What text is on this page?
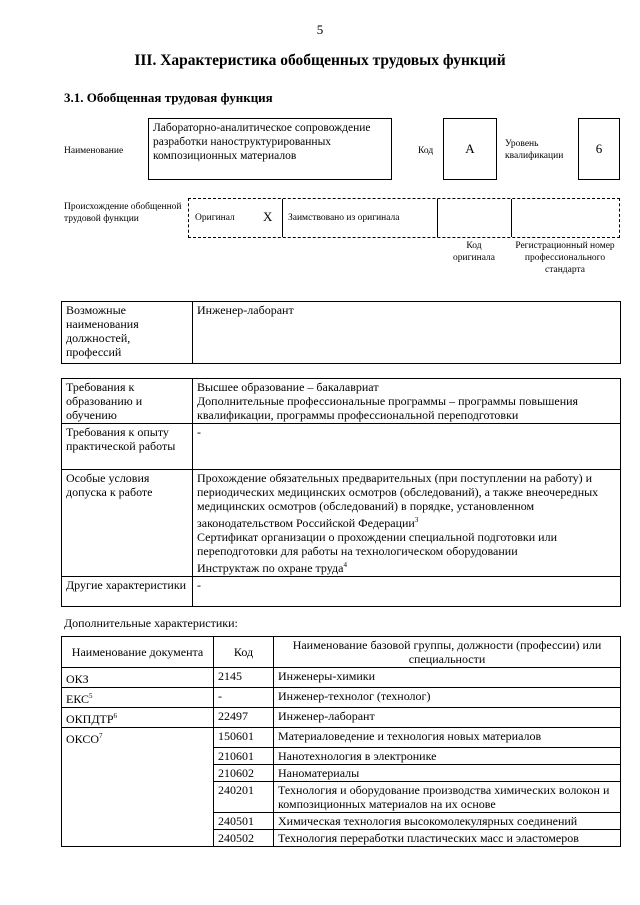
5
III. Характеристика обобщенных трудовых функций
3.1. Обобщенная трудовая функция
Наименование
Лабораторно-аналитическое сопровождение разработки наноструктурированных композиционных материалов	Код	А	Уровень квалификации	6
Происхождение обобщенной трудовой функции	Оригинал Х Заимствовано из оригинала
Код оригинала
Регистрационный номер профессионального стандарта
Возможные наименования должностей, профессий	Инженер-лаборант
Требования к образованию и обучению	Высшее образование – бакалавриат
Дополнительные профессиональные программы – программы повышения квалификации, программы профессиональной переподготовки

Требования к опыту практической работы	-
Особые условия допуска к работе	Прохождение обязательных предварительных (при поступлении на работу) и периодических медицинских осмотров (обследований), а также внеочередных медицинских осмотров (обследований) в порядке, установленном законодательством Российской Федерации$^3$
Сертификат организации о прохождении специальной подготовки или переподготовки для работы на технологическом оборудовании
Инструктаж по охране труда$^4$

Другие характеристики	-
Дополнительные характеристики:
Наименование документа	Код	Наименование базовой группы, должности (профессии) или специальности
ОКЗ	2145	Инженеры-химики
ЕКС$^5$	-	Инженер-технолог (технолог)
ОКПДТР$^6$	22497	Инженер-лаборант
ОКСО$^7$	150601	Материаловедение и технология новых материалов
	210601	Нанотехнология в электронике
	210602	Наноматериалы
	240201	Технология и оборудование производства химических волокон и композиционных материалов на их основе
	240501	Химическая технология высокомолекулярных соединений
	240502	Технология переработки пластических масс и эластомеров
